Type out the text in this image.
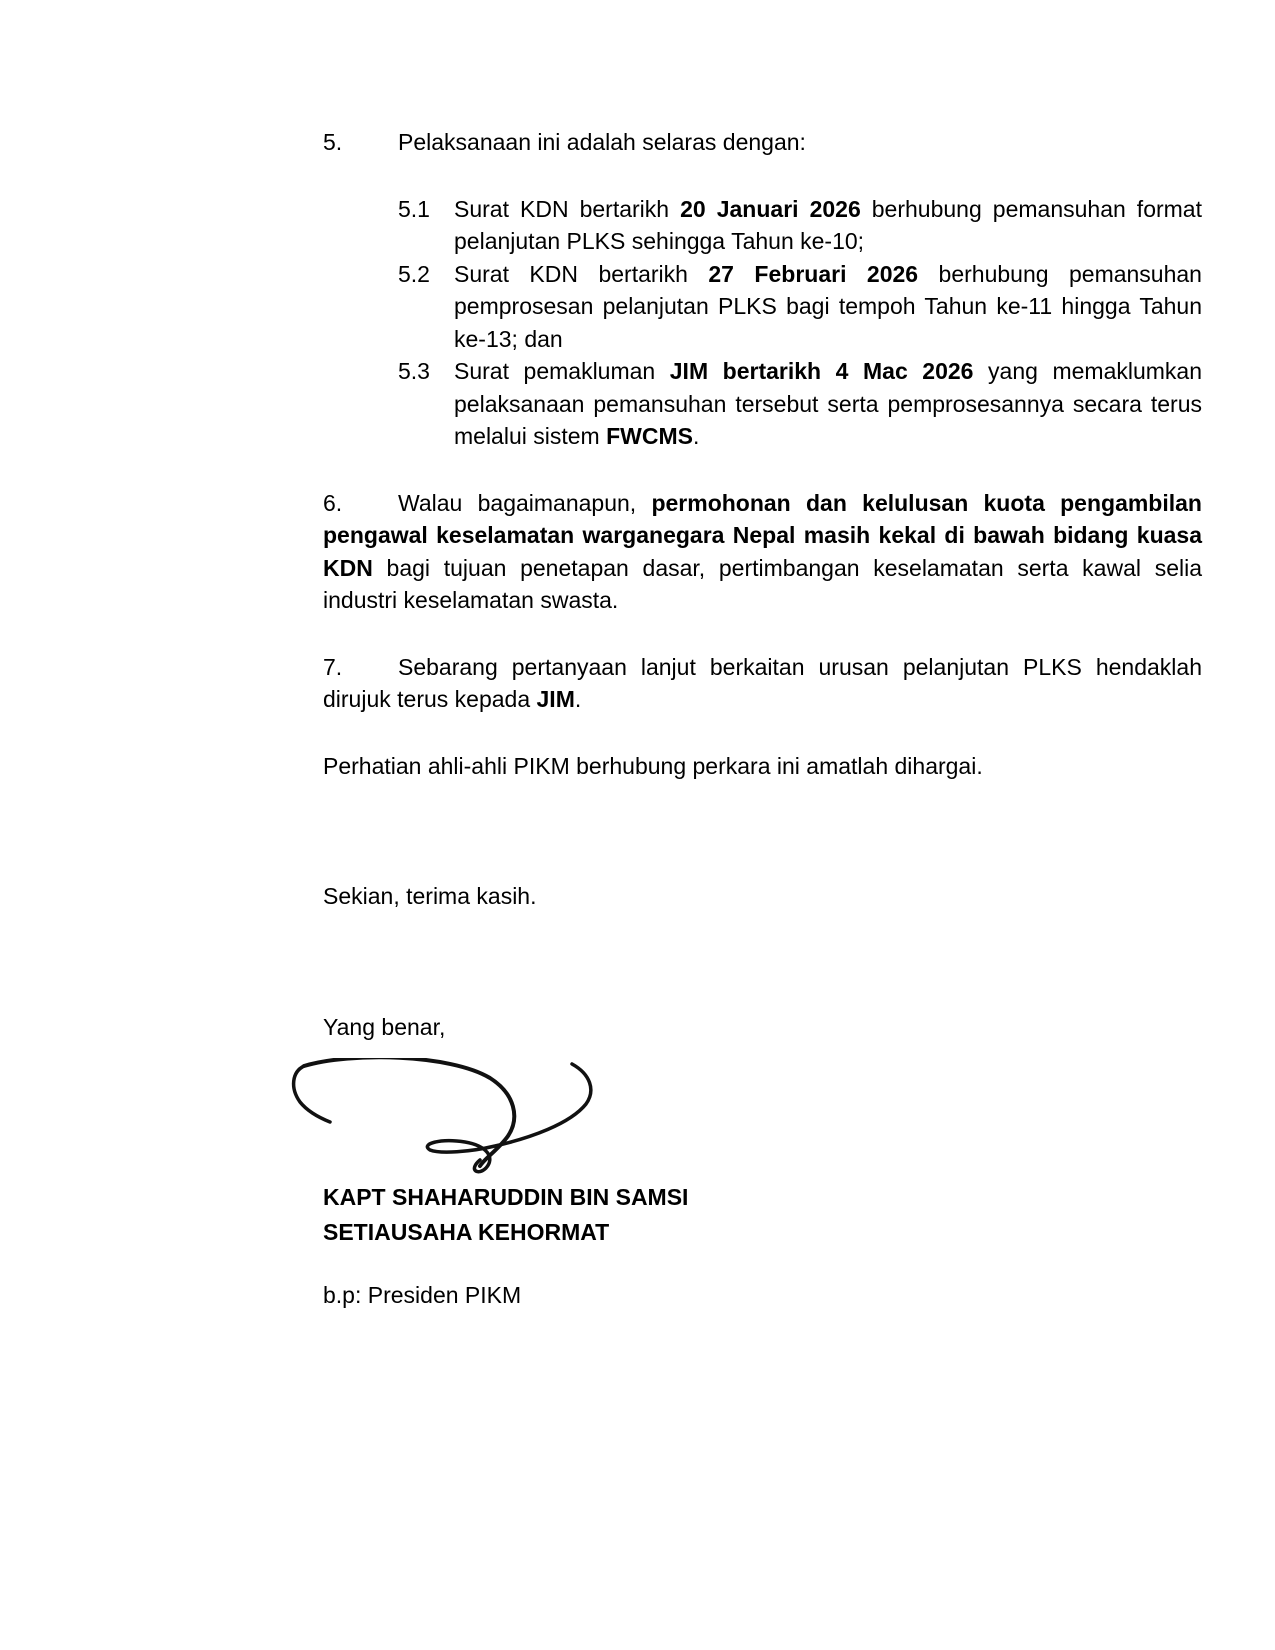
5. Pelaksanaan ini adalah selaras dengan:

5.1 Surat KDN bertarikh 20 Januari 2026 berhubung pemansuhan format pelanjutan PLKS sehingga Tahun ke-10;

5.2 Surat KDN bertarikh 27 Februari 2026 berhubung pemansuhan pemprosesan pelanjutan PLKS bagi tempoh Tahun ke-11 hingga Tahun ke-13; dan

5.3 Surat pemakluman JIM bertarikh 4 Mac 2026 yang memaklumkan pelaksanaan pemansuhan tersebut serta pemprosesannya secara terus melalui sistem FWCMS.

6. Walau bagaimanapun, permohonan dan kelulusan kuota pengambilan pengawal keselamatan warganegara Nepal masih kekal di bawah bidang kuasa KDN bagi tujuan penetapan dasar, pertimbangan keselamatan serta kawal selia industri keselamatan swasta.

7. Sebarang pertanyaan lanjut berkaitan urusan pelanjutan PLKS hendaklah dirujuk terus kepada JIM.

Perhatian ahli-ahli PIKM berhubung perkara ini amatlah dihargai.

Sekian, terima kasih.

Yang benar,

KAPT SHAHARUDDIN BIN SAMSI
SETIAUSAHA KEHORMAT
b.p: Presiden PIKM
